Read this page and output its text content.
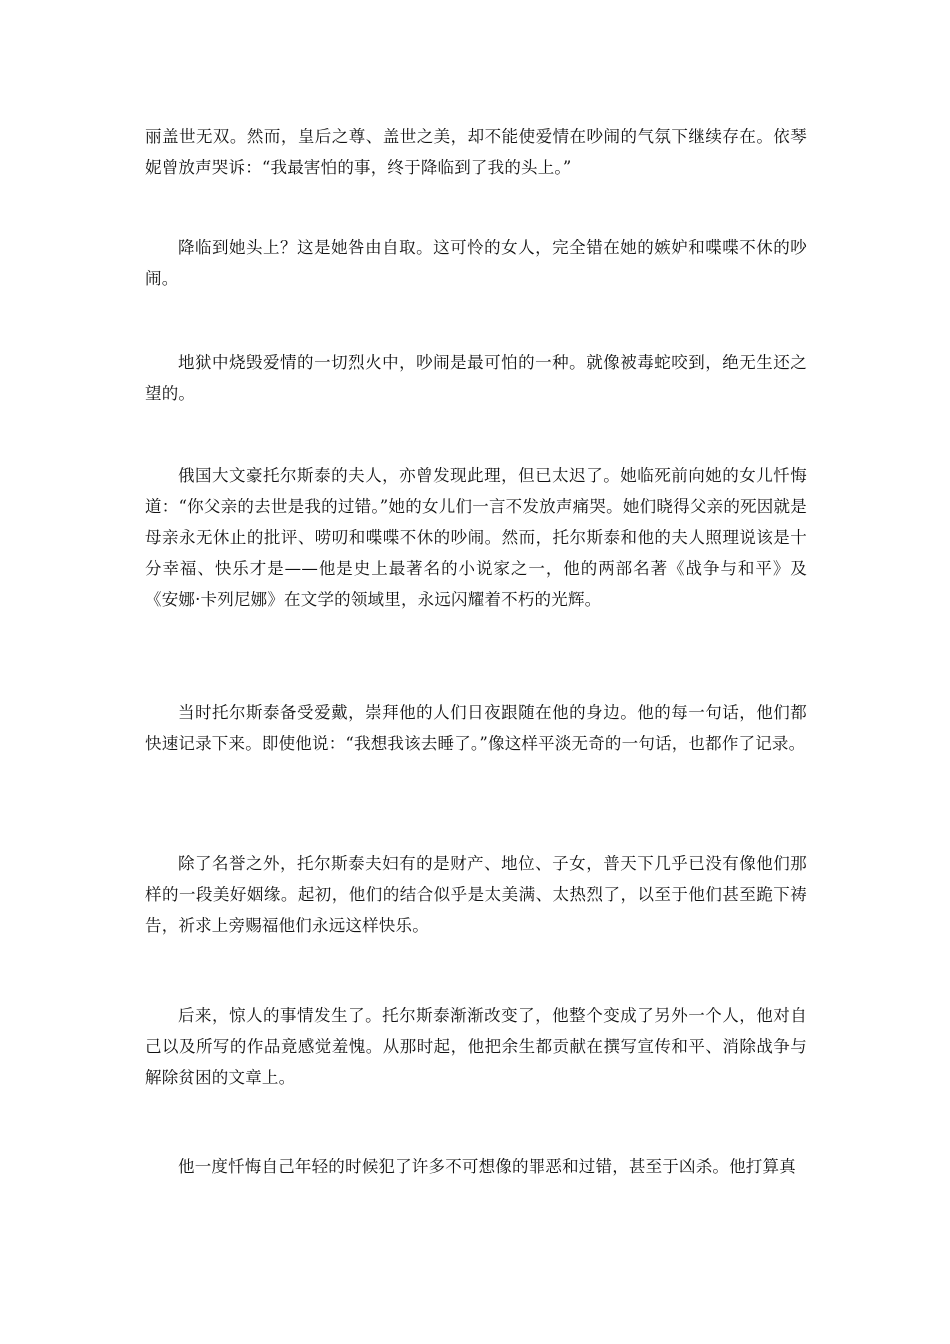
丽盖世无双。然而，皇后之尊、盖世之美，却不能使爱情在吵闹的气氛下继续存在。依琴妮曾放声哭诉：“我最害怕的事，终于降临到了我的头上。”

降临到她头上？这是她咎由自取。这可怜的女人，完全错在她的嫉妒和喋喋不休的吵闹。

地狱中烧毁爱情的一切烈火中，吵闹是最可怕的一种。就像被毒蛇咬到，绝无生还之望的。

俄国大文豪托尔斯泰的夫人，亦曾发现此理，但已太迟了。她临死前向她的女儿忏悔道：“你父亲的去世是我的过错。”她的女儿们一言不发放声痛哭。她们晓得父亲的死因就是母亲永无休止的批评、唠叨和喋喋不休的吵闹。然而，托尔斯泰和他的夫人照理说该是十分幸福、快乐才是——他是史上最著名的小说家之一，他的两部名著《战争与和平》及《安娜·卡列尼娜》在文学的领域里，永远闪耀着不朽的光辉。

当时托尔斯泰备受爱戴，崇拜他的人们日夜跟随在他的身边。他的每一句话，他们都快速记录下来。即使他说：“我想我该去睡了。”像这样平淡无奇的一句话，也都作了记录。

除了名誉之外，托尔斯泰夫妇有的是财产、地位、子女，普天下几乎已没有像他们那样的一段美好姻缘。起初，他们的结合似乎是太美满、太热烈了，以至于他们甚至跪下祷告，祈求上旁赐福他们永远这样快乐。

后来，惊人的事情发生了。托尔斯泰渐渐改变了，他整个变成了另外一个人，他对自己以及所写的作品竟感觉羞愧。从那时起，他把余生都贡献在撰写宣传和平、消除战争与解除贫困的文章上。

他一度忏悔自己年轻的时候犯了许多不可想像的罪恶和过错，甚至于凶杀。他打算真
